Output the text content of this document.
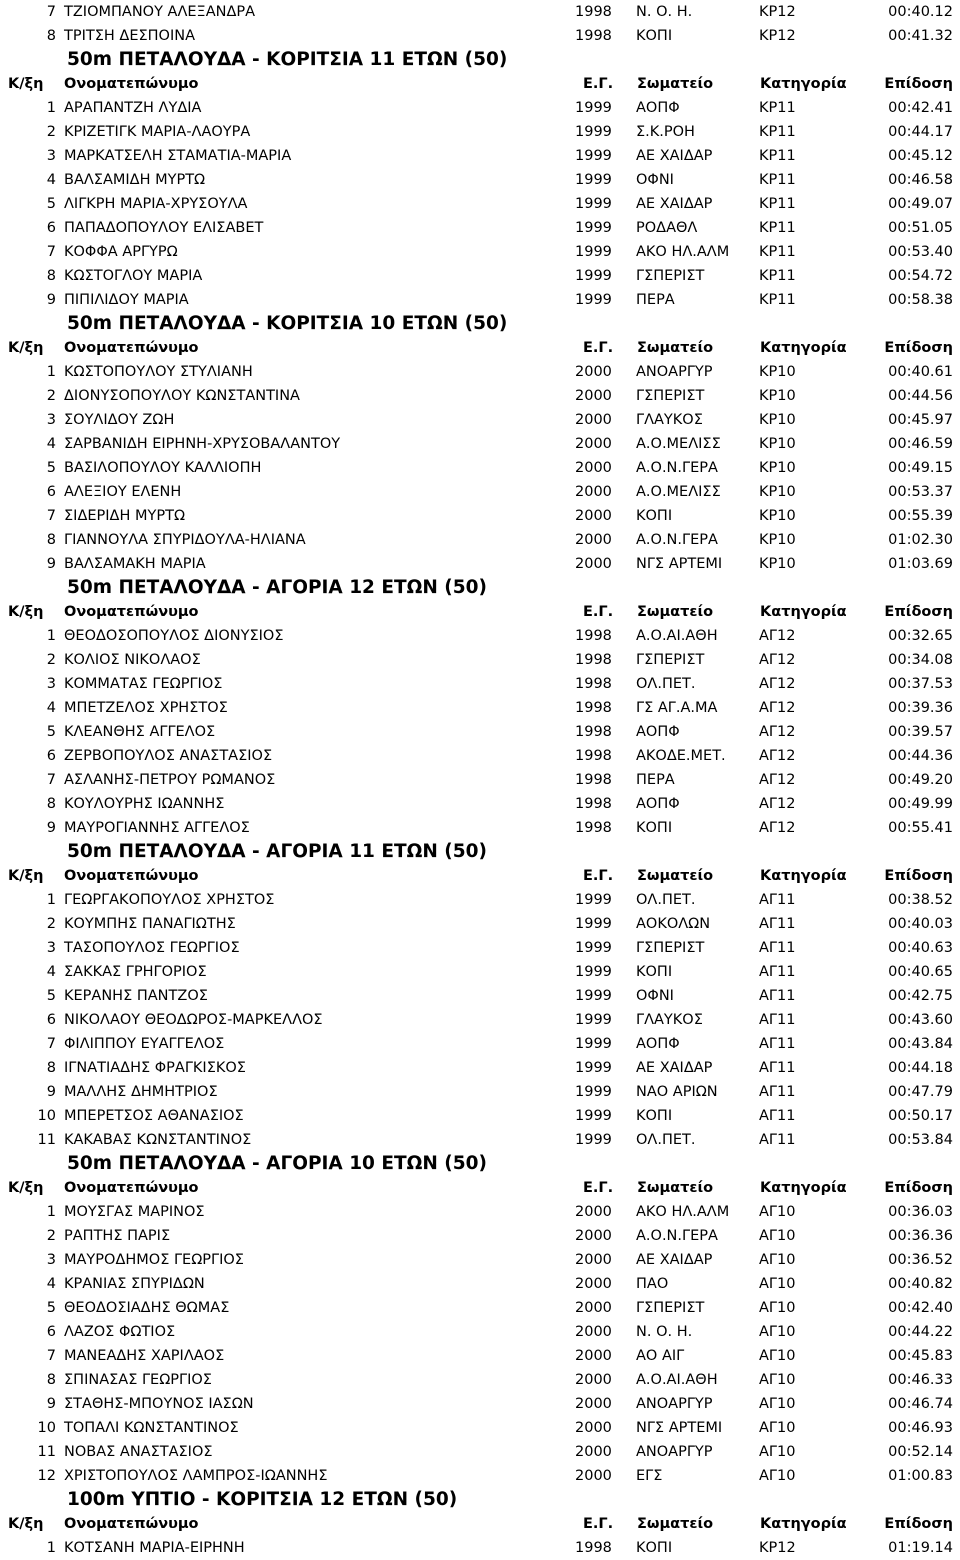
7 ΤΖΙΟΜΠΑΝΟΥ ΑΛΕΞΑΝΔΡΑ	1998 Ν. Ο. Η.	ΚΡ12	00:40.12
8 ΤΡΙΤΣΗ ΔΕΣΠΟΙΝΑ	1998 ΚΟΠΙ	ΚΡ12	00:41.32
50m ΠΕΤΑΛΟΥΔΑ - ΚΟΡΙΤΣΙΑ 11 ΕΤΩΝ (50)
Κ/ξη Ονοματεπώνυμο	Ε.Γ. Σωματείο	Κατηγορία	Επίδοση
1 ΑΡΑΠΑΝΤΖΗ ΛΥΔΙΑ	1999 ΑΟΠΦ	ΚΡ11	00:42.41
2 ΚΡΙΖΕΤΙΓΚ ΜΑΡΙΑ-ΛΑΟΥΡΑ	1999 Σ.Κ.ΡΟΗ	ΚΡ11	00:44.17
3 ΜΑΡΚΑΤΣΕΛΗ ΣΤΑΜΑΤΙΑ-ΜΑΡΙΑ	1999 ΑΕ ΧΑΙΔΑΡ	ΚΡ11	00:45.12
4 ΒΑΛΣΑΜΙΔΗ ΜΥΡΤΩ	1999 ΟΦΝΙ	ΚΡ11	00:46.58
5 ΛΙΓΚΡΗ ΜΑΡΙΑ-ΧΡΥΣΟΥΛΑ	1999 ΑΕ ΧΑΙΔΑΡ	ΚΡ11	00:49.07
6 ΠΑΠΑΔΟΠΟΥΛΟΥ ΕΛΙΣΑΒΕΤ	1999 ΡΟΔΑΘΛ	ΚΡ11	00:51.05
7 ΚΟΦΦΑ ΑΡΓΥΡΩ	1999 ΑΚΟ ΗΛ.ΑΛΜ ΚΡ11	00:53.40
8 ΚΩΣΤΟΓΛΟΥ ΜΑΡΙΑ	1999 ΓΣΠΕΡΙΣΤ	ΚΡ11	00:54.72
9 ΠΙΠΙΛΙΔΟΥ ΜΑΡΙΑ	1999 ΠΕΡΑ	ΚΡ11	00:58.38
50m ΠΕΤΑΛΟΥΔΑ - ΚΟΡΙΤΣΙΑ 10 ΕΤΩΝ (50)
Κ/ξη Ονοματεπώνυμο	Ε.Γ. Σωματείο	Κατηγορία	Επίδοση
1 ΚΩΣΤΟΠΟΥΛΟΥ ΣΤΥΛΙΑΝΗ	2000 ΑΝΟΑΡΓΥΡ	ΚΡ10	00:40.61
2 ΔΙΟΝΥΣΟΠΟΥΛΟΥ ΚΩΝΣΤΑΝΤΙΝΑ	2000 ΓΣΠΕΡΙΣΤ	ΚΡ10	00:44.56
3 ΣΟΥΛΙΔΟΥ ΖΩΗ	2000 ΓΛΑΥΚΟΣ	ΚΡ10	00:45.97
4 ΣΑΡΒΑΝΙΔΗ ΕΙΡΗΝΗ-ΧΡΥΣΟΒΑΛΑΝΤΟΥ	2000 Α.Ο.ΜΕΛΙΣΣ	ΚΡ10	00:46.59
5 ΒΑΣΙΛΟΠΟΥΛΟΥ ΚΑΛΛΙΟΠΗ	2000 Α.Ο.Ν.ΓΕΡΑ	ΚΡ10	00:49.15
6 ΑΛΕΞΙΟΥ ΕΛΕΝΗ	2000 Α.Ο.ΜΕΛΙΣΣ	ΚΡ10	00:53.37
7 ΣΙΔΕΡΙΔΗ ΜΥΡΤΩ	2000 ΚΟΠΙ	ΚΡ10	00:55.39
8 ΓΙΑΝΝΟΥΛΑ ΣΠΥΡΙΔΟΥΛΑ-ΗΛΙΑΝΑ	2000 Α.Ο.Ν.ΓΕΡΑ	ΚΡ10	01:02.30
9 ΒΑΛΣΑΜΑΚΗ ΜΑΡΙΑ	2000 ΝΓΣ ΑΡΤΕΜΙ	ΚΡ10	01:03.69
50m ΠΕΤΑΛΟΥΔΑ - ΑΓΟΡΙΑ 12 ΕΤΩΝ (50)
Κ/ξη Ονοματεπώνυμο	Ε.Γ. Σωματείο	Κατηγορία	Επίδοση
1 ΘΕΟΔΟΣΟΠΟΥΛΟΣ ΔΙΟΝΥΣΙΟΣ	1998 Α.Ο.ΑΙ.ΑΘΗ	ΑΓ12	00:32.65
2 ΚΟΛΙΟΣ ΝΙΚΟΛΑΟΣ	1998 ΓΣΠΕΡΙΣΤ	ΑΓ12	00:34.08
3 ΚΟΜΜΑΤΑΣ ΓΕΩΡΓΙΟΣ	1998 ΟΛ.ΠΕΤ.	ΑΓ12	00:37.53
4 ΜΠΕΤΖΕΛΟΣ ΧΡΗΣΤΟΣ	1998 ΓΣ ΑΓ.Α.ΜΑ	ΑΓ12	00:39.36
5 ΚΛΕΑΝΘΗΣ ΑΓΓΕΛΟΣ	1998 ΑΟΠΦ	ΑΓ12	00:39.57
6 ΖΕΡΒΟΠΟΥΛΟΣ ΑΝΑΣΤΑΣΙΟΣ	1998 ΑΚΟΔΕ.ΜΕΤ. ΑΓ12	00:44.36
7 ΑΣΛΑΝΗΣ-ΠΕΤΡΟΥ ΡΩΜΑΝΟΣ	1998 ΠΕΡΑ	ΑΓ12	00:49.20
8 ΚΟΥΛΟΥΡΗΣ ΙΩΑΝΝΗΣ	1998 ΑΟΠΦ	ΑΓ12	00:49.99
9 ΜΑΥΡΟΓΙΑΝΝΗΣ ΑΓΓΕΛΟΣ	1998 ΚΟΠΙ	ΑΓ12	00:55.41
50m ΠΕΤΑΛΟΥΔΑ - ΑΓΟΡΙΑ 11 ΕΤΩΝ (50)
Κ/ξη Ονοματεπώνυμο	Ε.Γ. Σωματείο	Κατηγορία	Επίδοση
1 ΓΕΩΡΓΑΚΟΠΟΥΛΟΣ ΧΡΗΣΤΟΣ	1999 ΟΛ.ΠΕΤ.	ΑΓ11	00:38.52
2 ΚΟΥΜΠΗΣ ΠΑΝΑΓΙΩΤΗΣ	1999 ΑΟΚΟΛΩΝ	ΑΓ11	00:40.03
3 ΤΑΣΟΠΟΥΛΟΣ ΓΕΩΡΓΙΟΣ	1999 ΓΣΠΕΡΙΣΤ	ΑΓ11	00:40.63
4 ΣΑΚΚΑΣ ΓΡΗΓΟΡΙΟΣ	1999 ΚΟΠΙ	ΑΓ11	00:40.65
5 ΚΕΡΑΝΗΣ ΠΑΝΤΖΟΣ	1999 ΟΦΝΙ	ΑΓ11	00:42.75
6 ΝΙΚΟΛΑΟΥ ΘΕΟΔΩΡΟΣ-ΜΑΡΚΕΛΛΟΣ	1999 ΓΛΑΥΚΟΣ	ΑΓ11	00:43.60
7 ΦΙΛΙΠΠΟΥ ΕΥΑΓΓΕΛΟΣ	1999 ΑΟΠΦ	ΑΓ11	00:43.84
8 ΙΓΝΑΤΙΑΔΗΣ ΦΡΑΓΚΙΣΚΟΣ	1999 ΑΕ ΧΑΙΔΑΡ	ΑΓ11	00:44.18
9 ΜΑΛΛΗΣ ΔΗΜΗΤΡΙΟΣ	1999 ΝΑΟ ΑΡΙΩΝ	ΑΓ11	00:47.79
10 ΜΠΕΡΕΤΣΟΣ ΑΘΑΝΑΣΙΟΣ	1999 ΚΟΠΙ	ΑΓ11	00:50.17
11 ΚΑΚΑΒΑΣ ΚΩΝΣΤΑΝΤΙΝΟΣ	1999 ΟΛ.ΠΕΤ.	ΑΓ11	00:53.84
50m ΠΕΤΑΛΟΥΔΑ - ΑΓΟΡΙΑ 10 ΕΤΩΝ (50)
Κ/ξη Ονοματεπώνυμο	Ε.Γ. Σωματείο	Κατηγορία	Επίδοση
1 ΜΟΥΣΓΑΣ ΜΑΡΙΝΟΣ	2000 ΑΚΟ ΗΛ.ΑΛΜ ΑΓ10	00:36.03
2 ΡΑΠΤΗΣ ΠΑΡΙΣ	2000 Α.Ο.Ν.ΓΕΡΑ	ΑΓ10	00:36.36
3 ΜΑΥΡΟΔΗΜΟΣ ΓΕΩΡΓΙΟΣ	2000 ΑΕ ΧΑΙΔΑΡ	ΑΓ10	00:36.52
4 ΚΡΑΝΙΑΣ ΣΠΥΡΙΔΩΝ	2000 ΠΑΟ	ΑΓ10	00:40.82
5 ΘΕΟΔΟΣΙΑΔΗΣ ΘΩΜΑΣ	2000 ΓΣΠΕΡΙΣΤ	ΑΓ10	00:42.40
6 ΛΑΖΟΣ ΦΩΤΙΟΣ	2000 Ν. Ο. Η.	ΑΓ10	00:44.22
7 ΜΑΝΕΑΔΗΣ ΧΑΡΙΛΑΟΣ	2000 ΑΟ ΑΙΓ	ΑΓ10	00:45.83
8 ΣΠΙΝΑΣΑΣ ΓΕΩΡΓΙΟΣ	2000 Α.Ο.ΑΙ.ΑΘΗ	ΑΓ10	00:46.33
9 ΣΤΑΘΗΣ-ΜΠΟΥΝΟΣ ΙΑΣΩΝ	2000 ΑΝΟΑΡΓΥΡ	ΑΓ10	00:46.74
10 ΤΟΠΑΛΙ ΚΩΝΣΤΑΝΤΙΝΟΣ	2000 ΝΓΣ ΑΡΤΕΜΙ	ΑΓ10	00:46.93
11 ΝΟΒΑΣ ΑΝΑΣΤΑΣΙΟΣ	2000 ΑΝΟΑΡΓΥΡ	ΑΓ10	00:52.14
12 ΧΡΙΣΤΟΠΟΥΛΟΣ ΛΑΜΠΡΟΣ-ΙΩΑΝΝΗΣ	2000 ΕΓΣ	ΑΓ10	01:00.83
100m ΥΠΤΙΟ - ΚΟΡΙΤΣΙΑ 12 ΕΤΩΝ (50)
Κ/ξη Ονοματεπώνυμο	Ε.Γ. Σωματείο	Κατηγορία	Επίδοση
1 ΚΟΤΣΑΝΗ ΜΑΡΙΑ-ΕΙΡΗΝΗ	1998 ΚΟΠΙ	ΚΡ12	01:19.14
